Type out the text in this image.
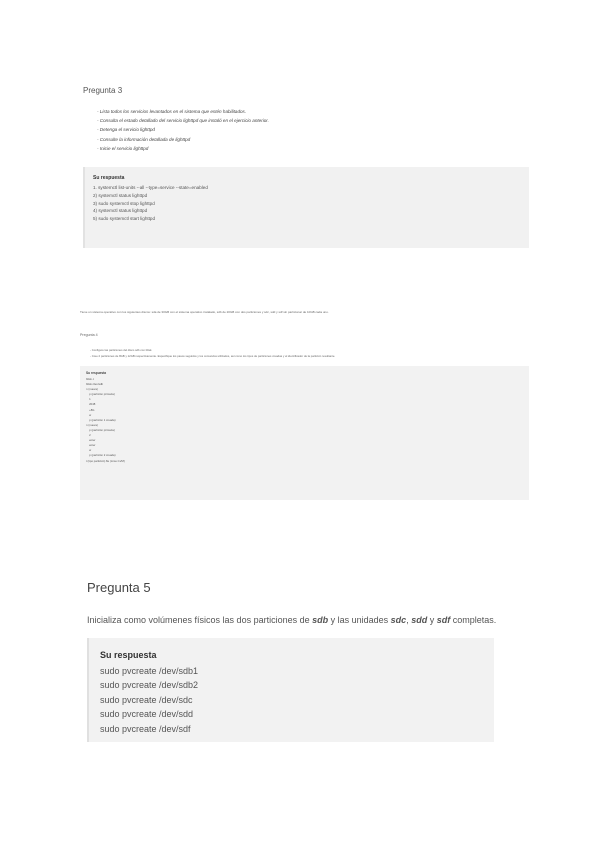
Pregunta 3
- Lista todos los servicios levantados en el sistema que estén habilitados.
- Consulta el estado detallado del servicio lighttpd que instaló en el ejercicio anterior.
- Detenga el servicio lighttpd
- Consulte la información detallada de lighttpd
- Inicie el servicio lighttpd
Su respuesta
1. systemctl list-units --all --type=service --state=enabled
2) systemctl status lighttpd
3) sudo systemctl stop lighttpd
4) systemctl status lighttpd
5) sudo systemctl start lighttpd
Tiene un sistema operativo con los siguientes discos: sda de 30GB con el sistema operativo instalado, sdb de 20GB con dos particiones y sdc, sdd y sdf sin particionar de 10GB cada uno.
Pregunta 4
- Configure las particiones del disco sdb con fdisk.
- Cree 2 particiones de 8GB y 12GB respectivamente. Especifique los pasos seguidos y los comandos utilizados, así como los tipos de particiones creadas y el identificador de la partición resultante.
Su respuesta
fdisk -l
fdisk /dev/sdb
n (nueva)
p (partición primaria)
1
2048
+8G
w
p (partición 1 creada)
n (nueva)
p (partición primaria)
2
enter
enter
w
p (partición 2 creada)
t (tipo partición) 8e (Linux LVM)
Pregunta 5
Inicializa como volúmenes físicos las dos particiones de sdb y las unidades sdc, sdd y sdf completas.
Su respuesta
sudo pvcreate /dev/sdb1
sudo pvcreate /dev/sdb2
sudo pvcreate /dev/sdc
sudo pvcreate /dev/sdd
sudo pvcreate /dev/sdf
